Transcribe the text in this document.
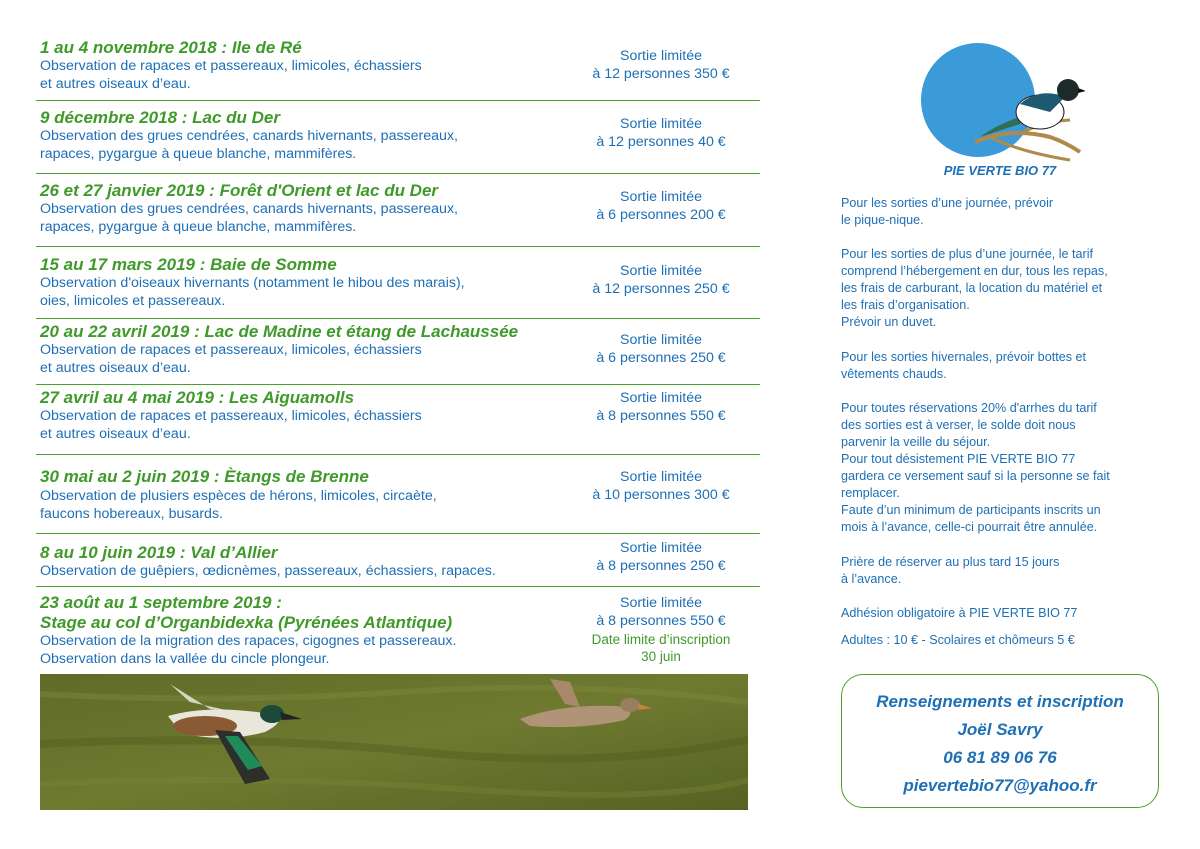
1 au 4 novembre 2018 : Ile de Ré
Observation de rapaces et passereaux, limicoles, échassiers
et autres oiseaux d’eau.
Sortie limitée
à 12 personnes 350 €
9 décembre 2018 : Lac du Der
Observation des grues cendrées, canards hivernants, passereaux,
rapaces, pygargue à queue blanche, mammifères.
Sortie limitée
à 12 personnes 40 €
26 et 27 janvier 2019 : Forêt d'Orient et lac du Der
Observation des grues cendrées, canards hivernants, passereaux,
rapaces, pygargue à queue blanche, mammifères.
Sortie limitée
à 6 personnes 200 €
15 au 17 mars 2019 : Baie de Somme
Observation d'oiseaux hivernants (notamment le hibou des marais),
oies, limicoles et passereaux.
Sortie limitée
à 12 personnes 250 €
20 au 22 avril 2019 : Lac de Madine et étang de Lachaussée
Observation de rapaces et passereaux, limicoles, échassiers
et autres oiseaux d’eau.
Sortie limitée
à 6 personnes 250 €
27 avril au 4 mai 2019 : Les Aiguamolls
Observation de rapaces et passereaux, limicoles, échassiers
et autres oiseaux d’eau.
Sortie limitée
à 8 personnes 550 €
30 mai au 2 juin 2019 : Ètangs de Brenne
Observation de plusiers espèces de hérons, limicoles, circaète,
faucons hobereaux, busards.
Sortie limitée
à 10 personnes 300 €
8 au 10 juin 2019 : Val d’Allier
Observation de guêpiers, œdicnèmes, passereaux, échassiers, rapaces.
Sortie limitée
à 8 personnes 250 €
23 août au 1 septembre 2019 :
Stage au col d’Organbidexka (Pyrénées Atlantique)
Observation de la migration des rapaces, cigognes et passereaux.
Observation dans la vallée du cincle plongeur.
Sortie limitée
à 8 personnes 550 €
Date limite d’inscription
30 juin
PIE VERTE BIO 77
Pour les sorties d’une journée, prévoir
le pique-nique.
Pour les sorties de plus d’une journée, le tarif
comprend l’hébergement en dur, tous les repas,
les frais de carburant, la location du matériel et
les frais d’organisation.
Prévoir un duvet.
Pour les sorties hivernales, prévoir bottes et
vêtements chauds.
Pour toutes réservations 20% d'arrhes du tarif
des sorties est à verser, le solde doit nous
parvenir la veille du séjour.
Pour tout désistement PIE VERTE BIO 77
gardera ce versement sauf si la personne se fait
remplacer.
Faute d’un minimum de participants inscrits un
mois à l’avance, celle-ci pourrait être annulée.
Prière de réserver au plus tard 15 jours
à l’avance.
Adhésion obligatoire à PIE VERTE BIO 77
Adultes : 10 € - Scolaires et chômeurs 5 €
Renseignements et inscription
Joël Savry
06 81 89 06 76
pievertebio77@yahoo.fr
